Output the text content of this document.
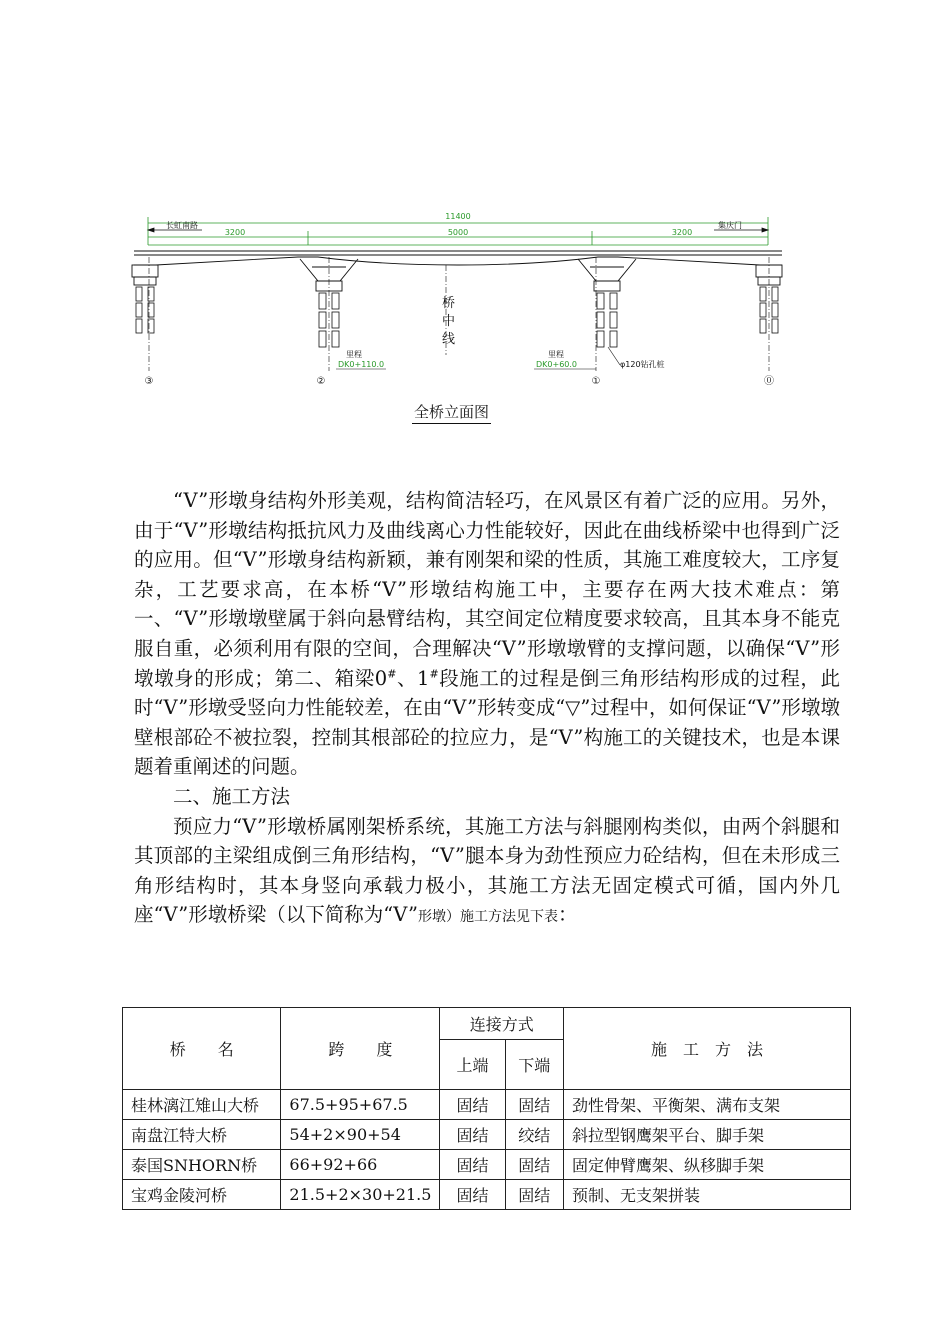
11400
3200	5000	3200
长虹南路	集庆门
桥
中
线
里程
DK0+110.0
里程
DK0+60.0	φ120钻孔桩
③	②	①	⓪
全桥立面图

“V”形墩身结构外形美观，结构简洁轻巧，在风景区有着广泛的应用。另外，由于“V”形墩结构抵抗风力及曲线离心力性能较好，因此在曲线桥梁中也得到广泛的应用。但“V”形墩身结构新颖，兼有刚架和梁的性质，其施工难度较大，工序复杂，工艺要求高，在本桥“V”形墩结构施工中，主要存在两大技术难点：第一、“V”形墩墩壁属于斜向悬臂结构，其空间定位精度要求较高，且其本身不能克服自重，必须利用有限的空间，合理解决“V”形墩墩臂的支撑问题，以确保“V”形墩墩身的形成；第二、箱梁0#、1#段施工的过程是倒三角形结构形成的过程，此时“V”形墩受竖向力性能较差，在由“V”形转变成“▽”过程中，如何保证“V”形墩墩壁根部砼不被拉裂，控制其根部砼的拉应力，是“V”构施工的关键技术，也是本课题着重阐述的问题。

二、施工方法

预应力“V”形墩桥属刚架桥系统，其施工方法与斜腿刚构类似，由两个斜腿和其顶部的主梁组成倒三角形结构，“V”腿本身为劲性预应力砼结构，但在未形成三角形结构时，其本身竖向承载力极小，其施工方法无固定模式可循，国内外几座“V”形墩桥梁（以下简称为“V”形墩）施工方法见下表：

桥　　名	跨　　度	连接方式		施　工　方　法
		上端	下端	
桂林漓江雉山大桥	67.5+95+67.5	固结	固结	劲性骨架、平衡架、满布支架
南盘江特大桥	54+2×90+54	固结	绞结	斜拉型钢鹰架平台、脚手架
泰国SNHORN桥	66+92+66	固结	固结	固定伸臂鹰架、纵移脚手架
宝鸡金陵河桥	21.5+2×30+21.5	固结	固结	预制、无支架拼装
